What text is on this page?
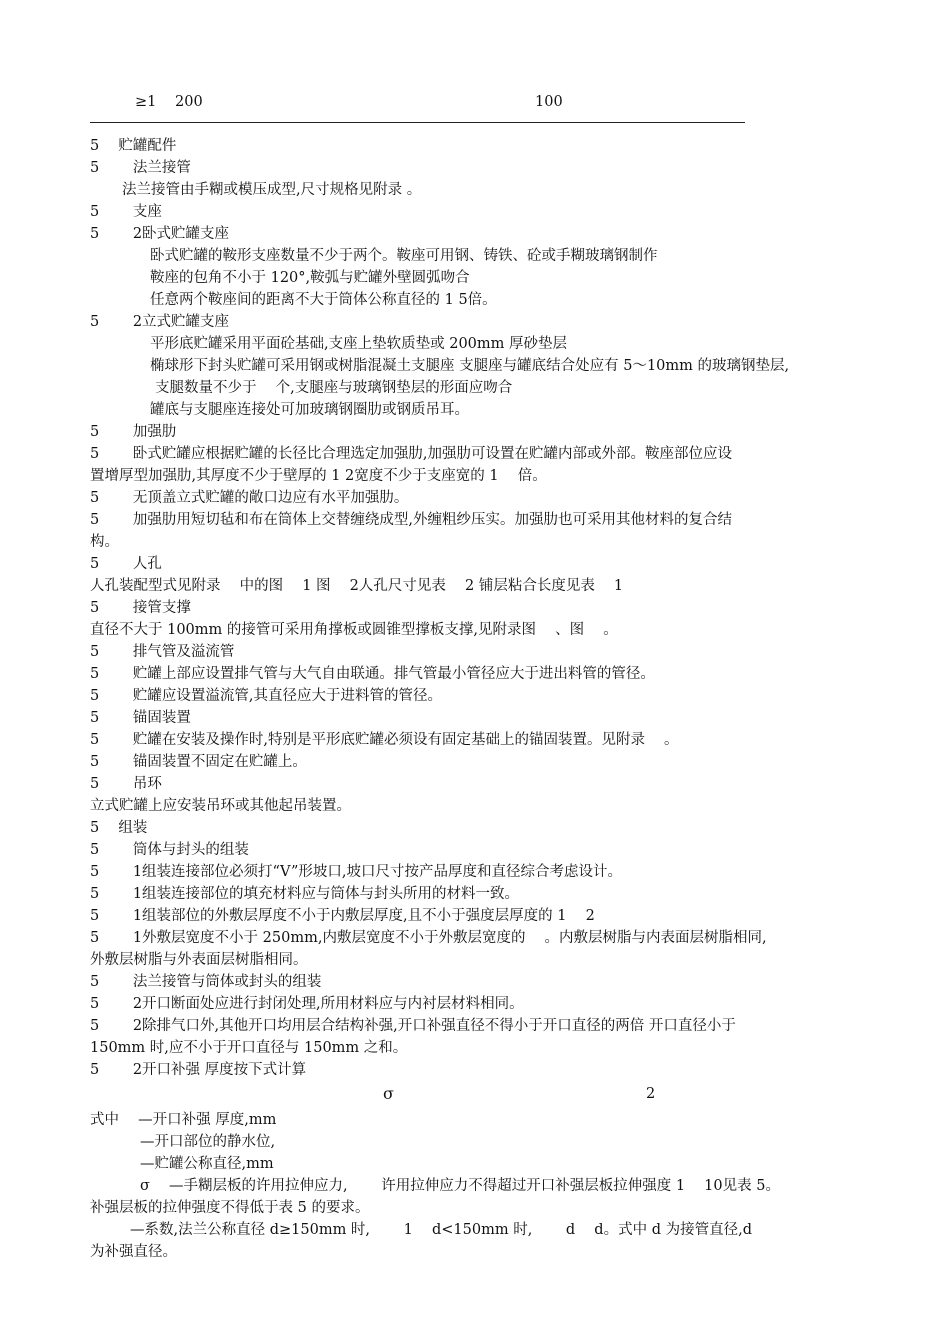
≥1 200	100
5 　贮罐配件
5 　　法兰接管
法兰接管由手糊或模压成型,尺寸规格见附录 。
5 　　支座
5 　　2卧式贮罐支座
卧式贮罐的鞍形支座数量不少于两个。鞍座可用钢、铸铁、砼或手糊玻璃钢制作
鞍座的包角不小于 120°,鞍弧与贮罐外壁圆弧吻合
任意两个鞍座间的距离不大于筒体公称直径的 1 5倍。
5 　　2立式贮罐支座
平形底贮罐采用平面砼基础,支座上垫软质垫或 200mm 厚砂垫层
椭球形下封头贮罐可采用钢或树脂混凝土支腿座 支腿座与罐底结合处应有 5～10mm 的玻璃钢垫层,
支腿数量不少于 　个,支腿座与玻璃钢垫层的形面应吻合
罐底与支腿座连接处可加玻璃钢圈肋或钢质吊耳。
5 　　加强肋
5 　　卧式贮罐应根据贮罐的长径比合理选定加强肋,加强肋可设置在贮罐内部或外部。鞍座部位应设
置增厚型加强肋,其厚度不少于壁厚的 1 2宽度不少于支座宽的 1 　倍。
5 　　无顶盖立式贮罐的敞口边应有水平加强肋。
5 　　加强肋用短切毡和布在筒体上交替缠绕成型,外缠粗纱压实。加强肋也可采用其他材料的复合结
构。
5 　　人孔
人孔装配型式见附录 　中的图 　1 图 　2人孔尺寸见表 　2 铺层粘合长度见表 　1
5 　　接管支撑
直径不大于 100mm 的接管可采用角撑板或圆锥型撑板支撑,见附录图 　、图 　。
5 　　排气管及溢流管
5 　　贮罐上部应设置排气管与大气自由联通。排气管最小管径应大于进出料管的管径。
5 　　贮罐应设置溢流管,其直径应大于进料管的管径。
5 　　锚固装置
5 　　贮罐在安装及操作时,特别是平形底贮罐必须设有固定基础上的锚固装置。见附录 　。
5 　　锚固装置不固定在贮罐上。
5 　　吊环
立式贮罐上应安装吊环或其他起吊装置。
5 　组装
5 　　筒体与封头的组装
5 　　1组装连接部位必须打“V”形坡口,坡口尺寸按产品厚度和直径综合考虑设计。
5 　　1组装连接部位的填充材料应与筒体与封头所用的材料一致。
5 　　1组装部位的外敷层厚度不小于内敷层厚度,且不小于强度层厚度的 1 　2
5 　　1外敷层宽度不小于 250mm,内敷层宽度不小于外敷层宽度的 　。内敷层树脂与内表面层树脂相同,
外敷层树脂与外表面层树脂相同。
5 　　法兰接管与筒体或封头的组装
5 　　2开口断面处应进行封闭处理,所用材料应与内衬层材料相同。
5 　　2除排气口外,其他开口均用层合结构补强,开口补强直径不得小于开口直径的两倍 开口直径小于
150mm 时,应不小于开口直径与 150mm 之和。
5 　　2开口补强 厚度按下式计算
σ	2
式中 　—开口补强 厚度,mm
—开口部位的静水位,
—贮罐公称直径,mm
σ 　—手糊层板的许用拉伸应力, 　　许用拉伸应力不得超过开口补强层板拉伸强度 1 　10见表 5。
补强层板的拉伸强度不得低于表 5 的要求。
—系数,法兰公称直径 d≥150mm 时, 　　1 　d<150mm 时, 　　d 　d。式中 d 为接管直径,d
为补强直径。
